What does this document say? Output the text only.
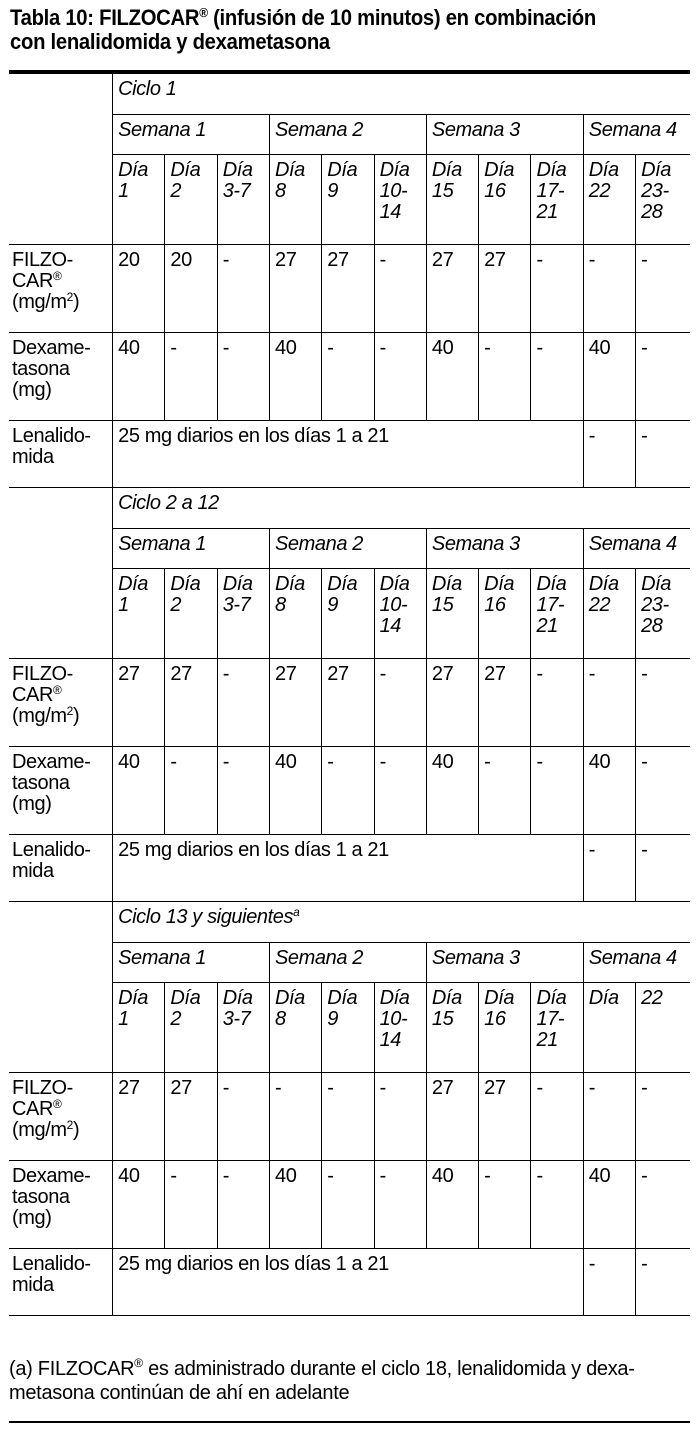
Tabla 10: FILZOCAR® (infusión de 10 minutos) en combinación
con lenalidomida y dexametasona
	Ciclo 1										
	Semana 1			Semana 2			Semana 3			Semana 4	
	Día 1	Día 2	Día 3-7	Día 8	Día 9	Día 10-14	Día 15	Día 16	Día 17-21	Día 22	Día 23-28

FILZO-
CAR®
$(mg/m^2)$	20	20	-	27	27	-	27	27	-	-	-

Dexame-
tasona
(mg)	40	-	-	40	-	-	40	-	-	40	-

Lenalido-
mida	25 mg diarios en los días 1 a 21									-	-
	Ciclo 2 a 12										
	Semana 1			Semana 2			Semana 3			Semana 4	
	Día 1	Día 2	Día 3-7	Día 8	Día 9	Día 10-14	Día 15	Día 16	Día 17-21	Día 22	Día 23-28

FILZO-
CAR®
$(mg/m^2)$	27	27	-	27	27	-	27	27	-	-	-

Dexame-
tasona
(mg)	40	-	-	40	-	-	40	-	-	40	-

Lenalido-
mida	25 mg diarios en los días 1 a 21									-	-
	Ciclo 13 y siguientes$^a$
	Semana 1			Semana 2			Semana 3			Semana 4	
	Día 1	Día 2	Día 3-7	Día 8	Día 9	Día 10-14	Día 15	Día 16	Día 17-21	Día	22

FILZO-
CAR®
$(mg/m^2)$	27	27	-	-	-	-	27	27	-	-	-

Dexame-
tasona
(mg)	40	-	-	40	-	-	40	-	-	40	-

Lenalido-
mida	25 mg diarios en los días 1 a 21									-	-
(a) FILZOCAR® es administrado durante el ciclo 18, lenalidomida y dexa-
metasona continúan de ahí en adelante
